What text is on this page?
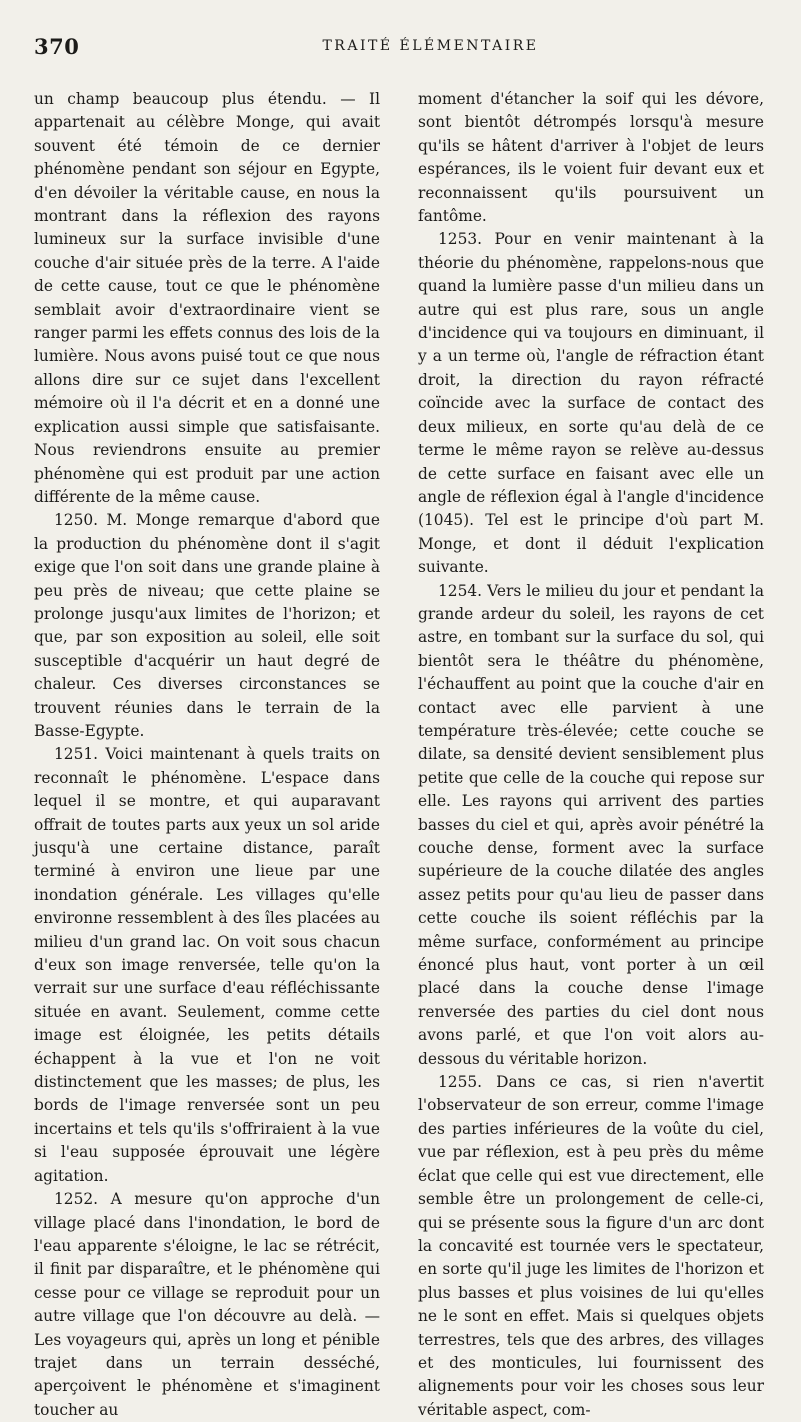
370	TRAITÉ ÉLÉMENTAIRE

un champ beaucoup plus étendu. — Il appartenait au célèbre Monge, qui avait souvent été témoin de ce dernier phénomène pendant son séjour en Egypte, d'en dévoiler la véritable cause, en nous la montrant dans la réflexion des rayons lumineux sur la surface invisible d'une couche d'air située près de la terre. A l'aide de cette cause, tout ce que le phénomène semblait avoir d'extraordinaire vient se ranger parmi les effets connus des lois de la lumière. Nous avons puisé tout ce que nous allons dire sur ce sujet dans l'excellent mémoire où il l'a décrit et en a donné une explication aussi simple que satisfaisante. Nous reviendrons ensuite au premier phénomène qui est produit par une action différente de la même cause.

1250. M. Monge remarque d'abord que la production du phénomène dont il s'agit exige que l'on soit dans une grande plaine à peu près de niveau; que cette plaine se prolonge jusqu'aux limites de l'horizon; et que, par son exposition au soleil, elle soit susceptible d'acquérir un haut degré de chaleur. Ces diverses circonstances se trouvent réunies dans le terrain de la Basse-Egypte.

1251. Voici maintenant à quels traits on reconnaît le phénomène. L'espace dans lequel il se montre, et qui auparavant offrait de toutes parts aux yeux un sol aride jusqu'à une certaine distance, paraît terminé à environ une lieue par une inondation générale. Les villages qu'elle environne ressemblent à des îles placées au milieu d'un grand lac. On voit sous chacun d'eux son image renversée, telle qu'on la verrait sur une surface d'eau réfléchissante située en avant. Seulement, comme cette image est éloignée, les petits détails échappent à la vue et l'on ne voit distinctement que les masses; de plus, les bords de l'image renversée sont un peu incertains et tels qu'ils s'offriraient à la vue si l'eau supposée éprouvait une légère agitation.

1252. A mesure qu'on approche d'un village placé dans l'inondation, le bord de l'eau apparente s'éloigne, le lac se rétrécit, il finit par disparaître, et le phénomène qui cesse pour ce village se reproduit pour un autre village que l'on découvre au delà. — Les voyageurs qui, après un long et pénible trajet dans un terrain desséché, aperçoivent le phénomène et s'imaginent toucher au

moment d'étancher la soif qui les dévore, sont bientôt détrompés lorsqu'à mesure qu'ils se hâtent d'arriver à l'objet de leurs espérances, ils le voient fuir devant eux et reconnaissent qu'ils poursuivent un fantôme.

1253. Pour en venir maintenant à la théorie du phénomène, rappelons-nous que quand la lumière passe d'un milieu dans un autre qui est plus rare, sous un angle d'incidence qui va toujours en diminuant, il y a un terme où, l'angle de réfraction étant droit, la direction du rayon réfracté coïncide avec la surface de contact des deux milieux, en sorte qu'au delà de ce terme le même rayon se relève au-dessus de cette surface en faisant avec elle un angle de réflexion égal à l'angle d'incidence (1045). Tel est le principe d'où part M. Monge, et dont il déduit l'explication suivante.

1254. Vers le milieu du jour et pendant la grande ardeur du soleil, les rayons de cet astre, en tombant sur la surface du sol, qui bientôt sera le théâtre du phénomène, l'échauffent au point que la couche d'air en contact avec elle parvient à une température très-élevée; cette couche se dilate, sa densité devient sensiblement plus petite que celle de la couche qui repose sur elle. Les rayons qui arrivent des parties basses du ciel et qui, après avoir pénétré la couche dense, forment avec la surface supérieure de la couche dilatée des angles assez petits pour qu'au lieu de passer dans cette couche ils soient réfléchis par la même surface, conformément au principe énoncé plus haut, vont porter à un œil placé dans la couche dense l'image renversée des parties du ciel dont nous avons parlé, et que l'on voit alors au-dessous du véritable horizon.

1255. Dans ce cas, si rien n'avertit l'observateur de son erreur, comme l'image des parties inférieures de la voûte du ciel, vue par réflexion, est à peu près du même éclat que celle qui est vue directement, elle semble être un prolongement de celle-ci, qui se présente sous la figure d'un arc dont la concavité est tournée vers le spectateur, en sorte qu'il juge les limites de l'horizon et plus basses et plus voisines de lui qu'elles ne le sont en effet. Mais si quelques objets terrestres, tels que des arbres, des villages et des monticules, lui fournissent des alignements pour voir les choses sous leur véritable aspect, com-
